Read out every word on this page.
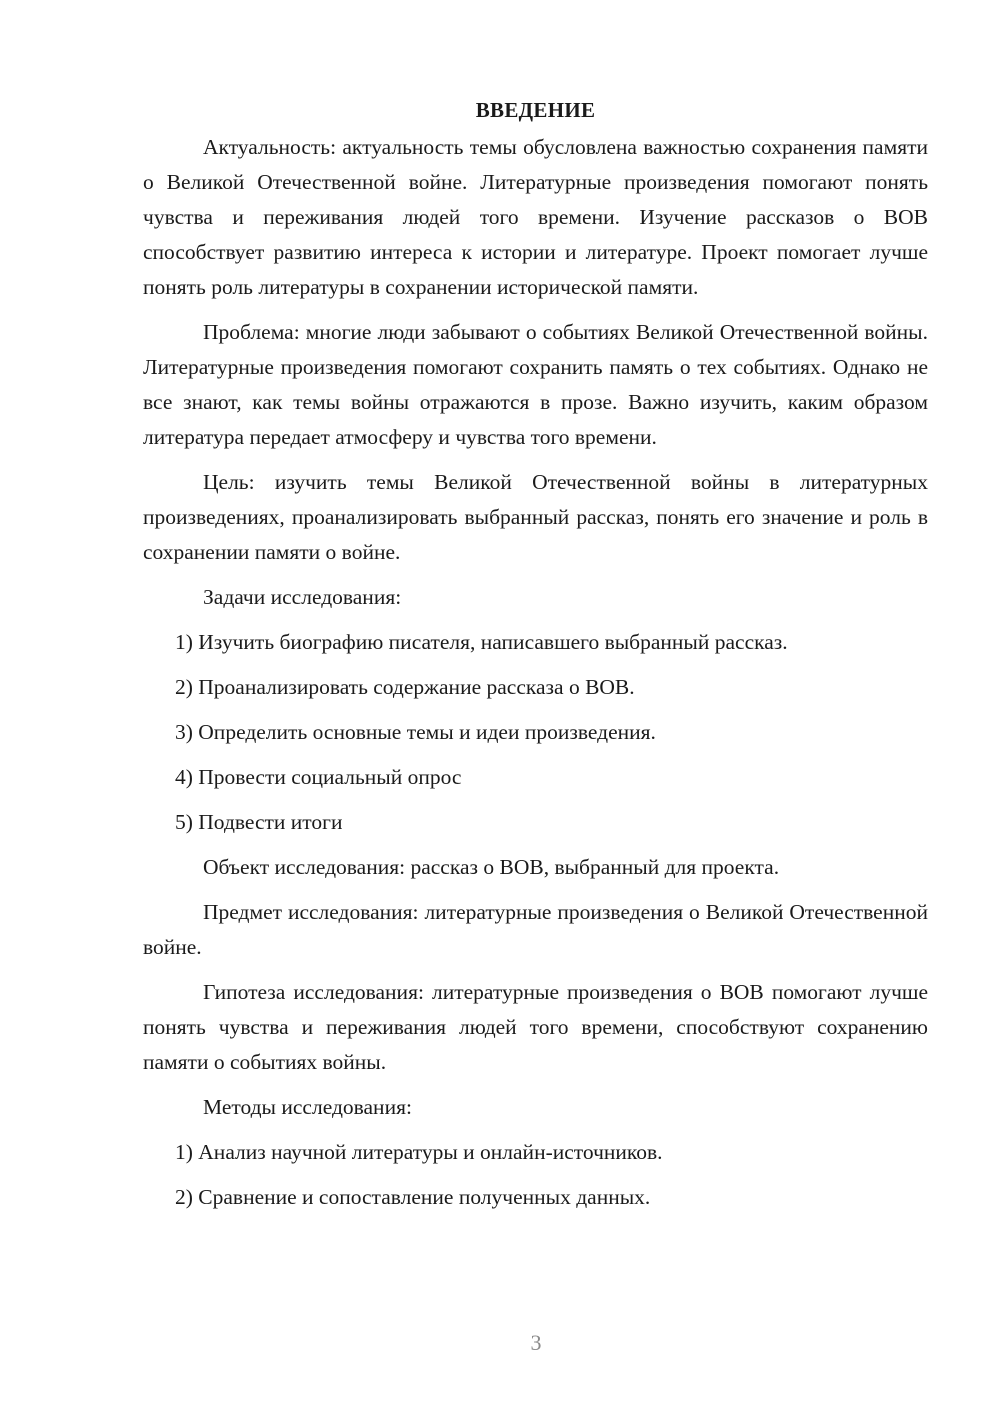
ВВЕДЕНИЕ

Актуальность: актуальность темы обусловлена важностью сохранения памяти о Великой Отечественной войне. Литературные произведения помогают понять чувства и переживания людей того времени. Изучение рассказов о ВОВ способствует развитию интереса к истории и литературе. Проект помогает лучше понять роль литературы в сохранении исторической памяти.

Проблема: многие люди забывают о событиях Великой Отечественной войны. Литературные произведения помогают сохранить память о тех событиях. Однако не все знают, как темы войны отражаются в прозе. Важно изучить, каким образом литература передает атмосферу и чувства того времени.

Цель: изучить темы Великой Отечественной войны в литературных произведениях, проанализировать выбранный рассказ, понять его значение и роль в сохранении памяти о войне.

Задачи исследования:

1) Изучить биографию писателя, написавшего выбранный рассказ.

2) Проанализировать содержание рассказа о ВОВ.

3) Определить основные темы и идеи произведения.

4) Провести социальный опрос

5) Подвести итоги

Объект исследования: рассказ о ВОВ, выбранный для проекта.

Предмет исследования: литературные произведения о Великой Отечественной войне.

Гипотеза исследования: литературные произведения о ВОВ помогают лучше понять чувства и переживания людей того времени, способствуют сохранению памяти о событиях войны.

Методы исследования:

1) Анализ научной литературы и онлайн-источников.

2) Сравнение и сопоставление полученных данных.

3
